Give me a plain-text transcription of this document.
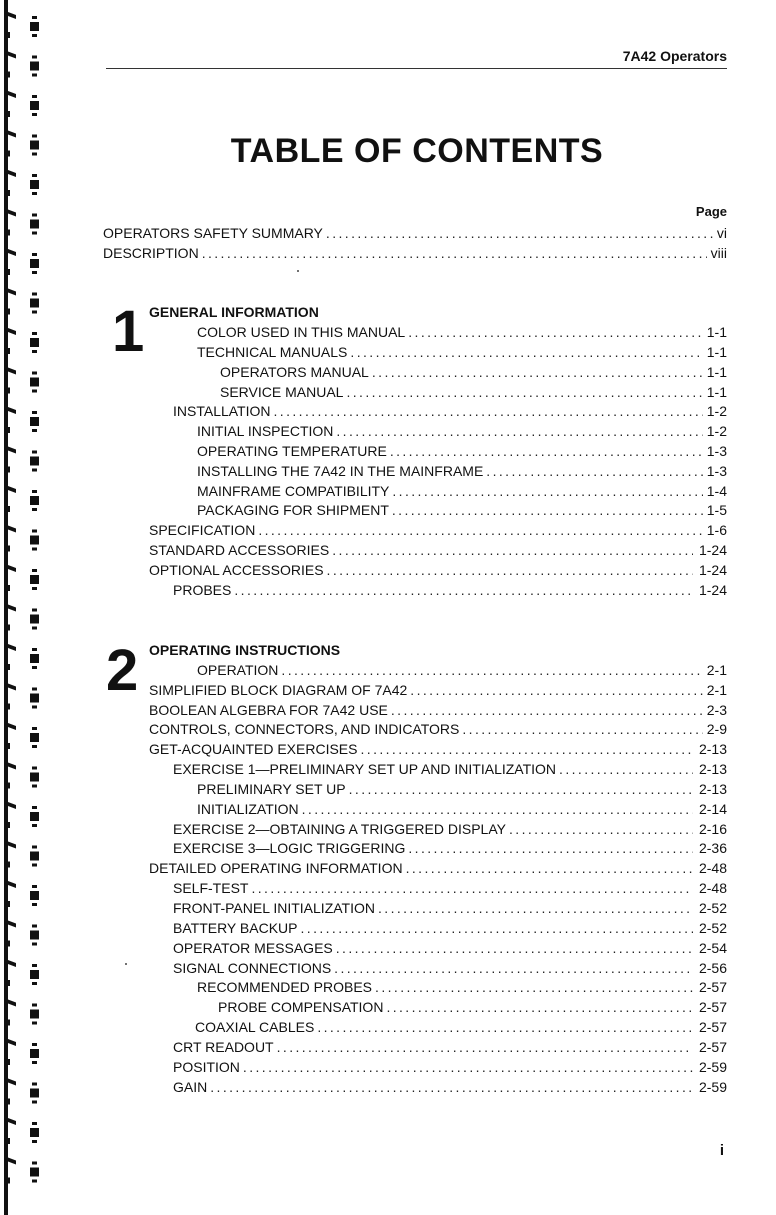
7A42 Operators
TABLE OF CONTENTS
Page
OPERATORS SAFETY SUMMARY .....	vi
DESCRIPTION .....	viii
1 GENERAL INFORMATION
COLOR USED IN THIS MANUAL .....	1-1
TECHNICAL MANUALS .....	1-1
OPERATORS MANUAL .....	1-1
SERVICE MANUAL .....	1-1
INSTALLATION .....	1-2
INITIAL INSPECTION .....	1-2
OPERATING TEMPERATURE .....	1-3
INSTALLING THE 7A42 IN THE MAINFRAME .....	1-3
MAINFRAME COMPATIBILITY .....	1-4
PACKAGING FOR SHIPMENT .....	1-5
SPECIFICATION .....	1-6
STANDARD ACCESSORIES .....	1-24
OPTIONAL ACCESSORIES .....	1-24
PROBES .....	1-24
2 OPERATING INSTRUCTIONS
OPERATION .....	2-1
SIMPLIFIED BLOCK DIAGRAM OF 7A42 .....	2-1
BOOLEAN ALGEBRA FOR 7A42 USE .....	2-3
CONTROLS, CONNECTORS, AND INDICATORS .....	2-9
GET-ACQUAINTED EXERCISES .....	2-13
EXERCISE 1—PRELIMINARY SET UP AND INITIALIZATION .....	2-13
PRELIMINARY SET UP .....	2-13
INITIALIZATION .....	2-14
EXERCISE 2—OBTAINING A TRIGGERED DISPLAY .....	2-16
EXERCISE 3—LOGIC TRIGGERING .....	2-36
DETAILED OPERATING INFORMATION .....	2-48
SELF-TEST .....	2-48
FRONT-PANEL INITIALIZATION .....	2-52
BATTERY BACKUP .....	2-52
OPERATOR MESSAGES .....	2-54
SIGNAL CONNECTIONS .....	2-56
RECOMMENDED PROBES .....	2-57
PROBE COMPENSATION .....	2-57
COAXIAL CABLES .....	2-57
CRT READOUT .....	2-57
POSITION .....	2-59
GAIN .....	2-59
i
